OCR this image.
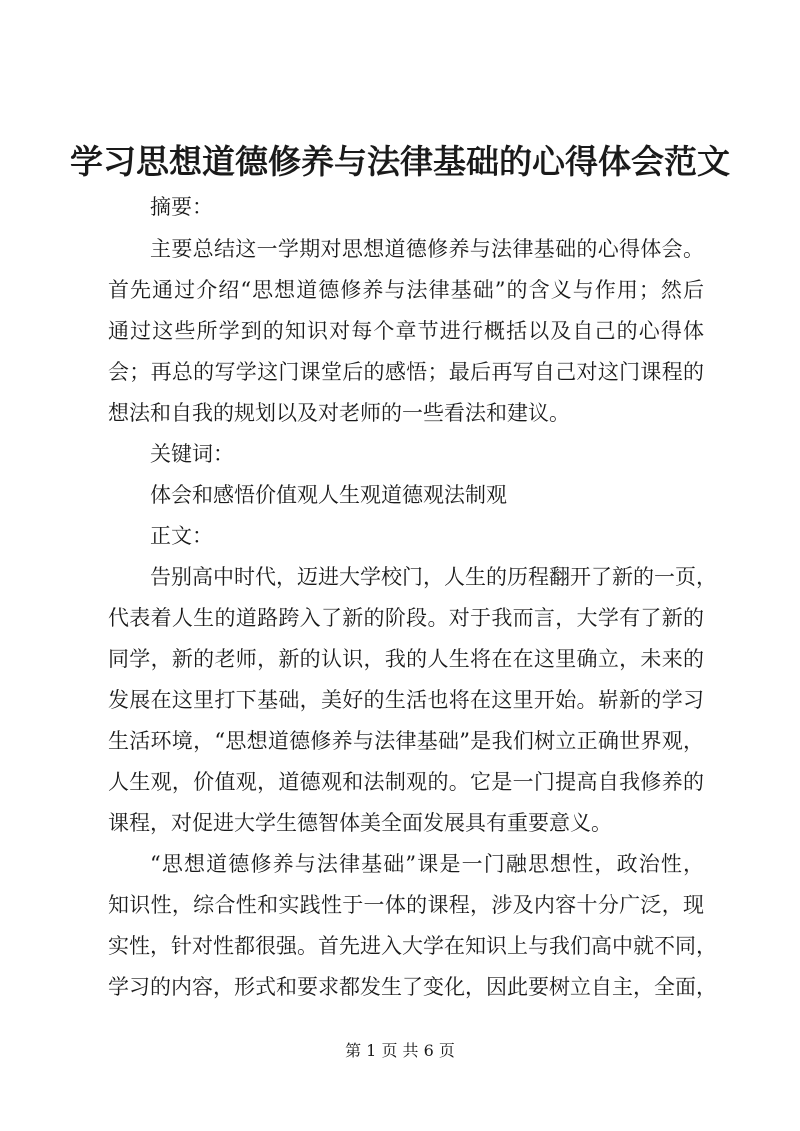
学习思想道德修养与法律基础的心得体会范文
摘要：
主要总结这一学期对思想道德修养与法律基础的心得体会。
首先通过介绍“思想道德修养与法律基础”的含义与作用；然后
通过这些所学到的知识对每个章节进行概括以及自己的心得体
会；再总的写学这门课堂后的感悟；最后再写自己对这门课程的
想法和自我的规划以及对老师的一些看法和建议。
关键词：
体会和感悟价值观人生观道德观法制观
正文：
告别高中时代，迈进大学校门，人生的历程翻开了新的一页，
代表着人生的道路跨入了新的阶段。对于我而言，大学有了新的
同学，新的老师，新的认识，我的人生将在在这里确立，未来的
发展在这里打下基础，美好的生活也将在这里开始。崭新的学习
生活环境，“思想道德修养与法律基础”是我们树立正确世界观，
人生观，价值观，道德观和法制观的。它是一门提高自我修养的
课程，对促进大学生德智体美全面发展具有重要意义。
“思想道德修养与法律基础”课是一门融思想性，政治性，
知识性，综合性和实践性于一体的课程，涉及内容十分广泛，现
实性，针对性都很强。首先进入大学在知识上与我们高中就不同，
学习的内容，形式和要求都发生了变化，因此要树立自主，全面，
第 1 页 共 6 页
